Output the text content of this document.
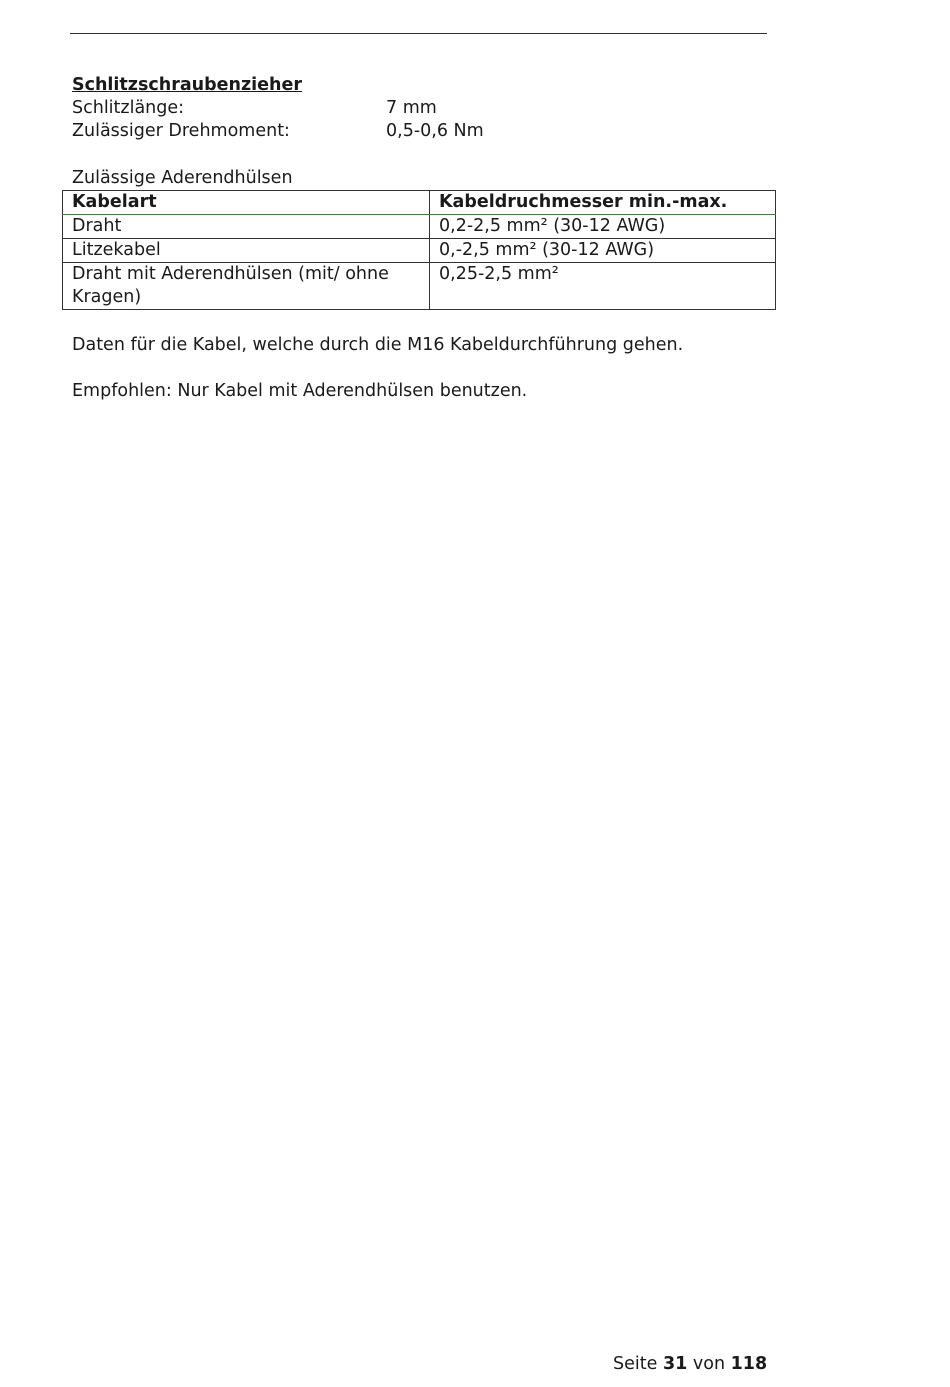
Schlitzschraubenzieher

Schlitzlänge:	7 mm
Zulässiger Drehmoment:	0,5-0,6 Nm
Zulässige Aderendhülsen
Kabelart	Kabeldruchmesser min.-max.
Draht	0,2-2,5 mm² (30-12 AWG)
Litzekabel	0,-2,5 mm² (30-12 AWG)
Draht mit Aderendhülsen (mit/ ohne Kragen)	0,25-2,5 mm²
Daten für die Kabel, welche durch die M16 Kabeldurchführung gehen.
Empfohlen: Nur Kabel mit Aderendhülsen benutzen.
Seite 31 von 118
